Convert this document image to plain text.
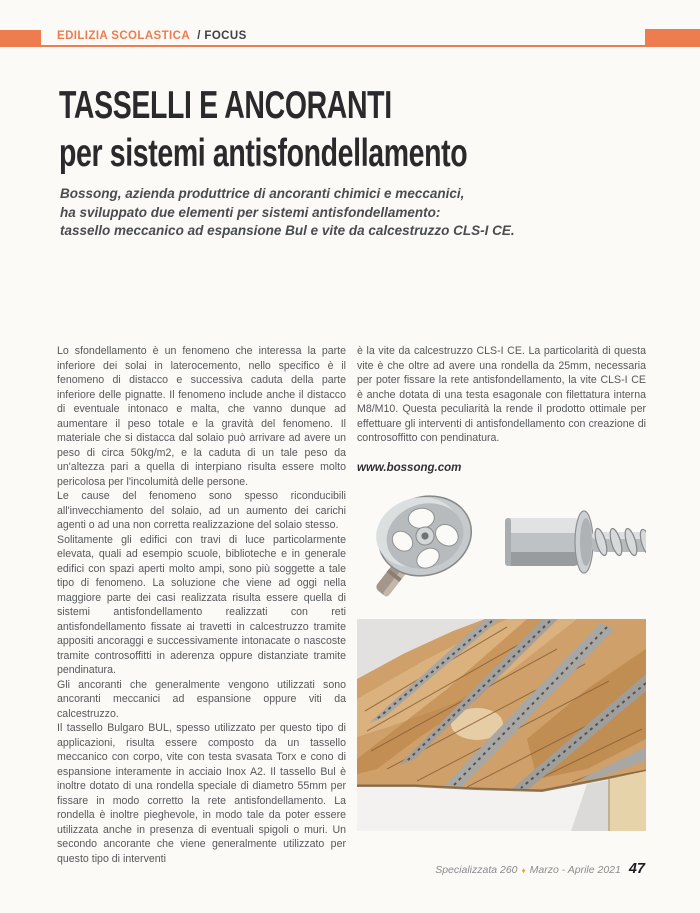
EDILIZIA SCOLASTICA / FOCUS
TASSELLI E ANCORANTI
per sistemi antisfondellamento
Bossong, azienda produttrice di ancoranti chimici e meccanici,
ha sviluppato due elementi per sistemi antisfondellamento:
tassello meccanico ad espansione Bul e vite da calcestruzzo CLS-I CE.

Lo sfondellamento è un fenomeno che interessa la parte inferiore dei solai in laterocemento, nello specifico è il fenomeno di distacco e successiva caduta della parte inferiore delle pignatte. Il fenomeno include anche il distacco di eventuale intonaco e malta, che vanno dunque ad aumentare il peso totale e la gravità del fenomeno. Il materiale che si distacca dal solaio può arrivare ad avere un peso di circa 50kg/m2, e la caduta di un tale peso da un'altezza pari a quella di interpiano risulta essere molto pericolosa per l'incolumità delle persone.

Le cause del fenomeno sono spesso riconducibili all'invecchiamento del solaio, ad un aumento dei carichi agenti o ad una non corretta realizzazione del solaio stesso.

Solitamente gli edifici con travi di luce particolarmente elevata, quali ad esempio scuole, biblioteche e in generale edifici con spazi aperti molto ampi, sono più soggette a tale tipo di fenomeno. La soluzione che viene ad oggi nella maggiore parte dei casi realizzata risulta essere quella di sistemi antisfondellamento realizzati con reti antisfondellamento fissate ai travetti in calcestruzzo tramite appositi ancoraggi e successivamente intonacate o nascoste tramite controsoffitti in aderenza oppure distanziate tramite pendinatura.

Gli ancoranti che generalmente vengono utilizzati sono ancoranti meccanici ad espansione oppure viti da calcestruzzo.

Il tassello Bulgaro BUL, spesso utilizzato per questo tipo di applicazioni, risulta essere composto da un tassello meccanico con corpo, vite con testa svasata Torx e cono di espansione interamente in acciaio Inox A2. Il tassello Bul è inoltre dotato di una rondella speciale di diametro 55mm per fissare in modo corretto la rete antisfondellamento. La rondella è inoltre pieghevole, in modo tale da poter essere utilizzata anche in presenza di eventuali spigoli o muri. Un secondo ancorante che viene generalmente utilizzato per questo tipo di interventi

è la vite da calcestruzzo CLS-I CE. La particolarità di questa vite è che oltre ad avere una rondella da 25mm, necessaria per poter fissare la rete antisfondellamento, la vite CLS-I CE è anche dotata di una testa esagonale con filettatura interna M8/M10. Questa peculiarità la rende il prodotto ottimale per effettuare gli interventi di antisfondellamento con creazione di controsoffitto con pendinatura.

www.bossong.com
Specializzata 260 ♦ Marzo - Aprile 2021 47
